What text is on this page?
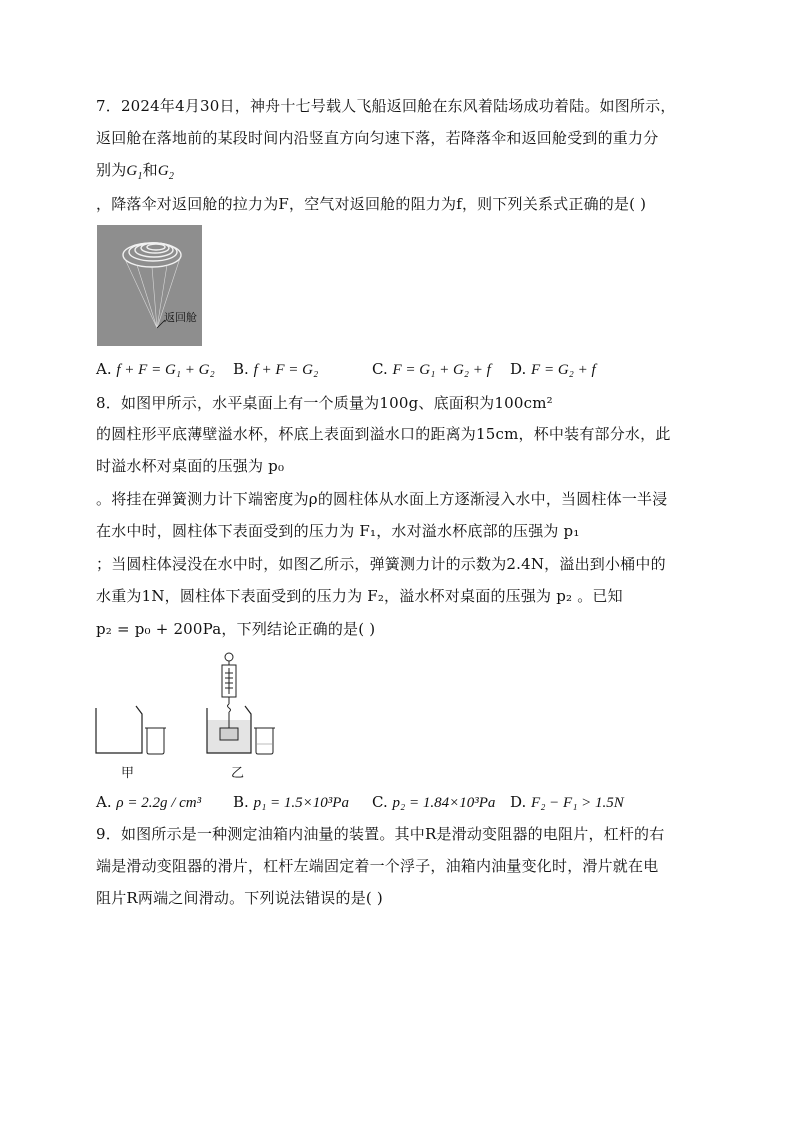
7．2024年4月30日，神舟十七号载人飞船返回舱在东风着陆场成功着陆。如图所示，
返回舱在落地前的某段时间内沿竖直方向匀速下落，若降落伞和返回舱受到的重力分
别为$G_1$和$G_2$
，降落伞对返回舱的拉力为F，空气对返回舱的阻力为f，则下列关系式正确的是( )
返回舱
A. f + F = G₁ + G₂ B. f + F = G₂	C. F = G₁ + G₂ + f D. F = G₂ + f
8．如图甲所示，水平桌面上有一个质量为100g、底面积为100cm²
的圆柱形平底薄壁溢水杯，杯底上表面到溢水口的距离为15cm，杯中装有部分水，此
时溢水杯对桌面的压强为 p₀
。将挂在弹簧测力计下端密度为ρ的圆柱体从水面上方逐渐浸入水中，当圆柱体一半浸
在水中时，圆柱体下表面受到的压力为 F₁，水对溢水杯底部的压强为 p₁
；当圆柱体浸没在水中时，如图乙所示，弹簧测力计的示数为2.4N，溢出到小桶中的
水重为1N，圆柱体下表面受到的压力为 F₂，溢水杯对桌面的压强为 p₂ 。已知
p₂ = p₀ + 200Pa，下列结论正确的是( )
甲	乙
A. ρ = 2.2g / cm³ B. p₁ = 1.5×10³Pa C. p₂ = 1.84×10³Pa D. F₂ − F₁ > 1.5N
9．如图所示是一种测定油箱内油量的装置。其中R是滑动变阻器的电阻片，杠杆的右
端是滑动变阻器的滑片，杠杆左端固定着一个浮子，油箱内油量变化时，滑片就在电
阻片R两端之间滑动。下列说法错误的是( )
